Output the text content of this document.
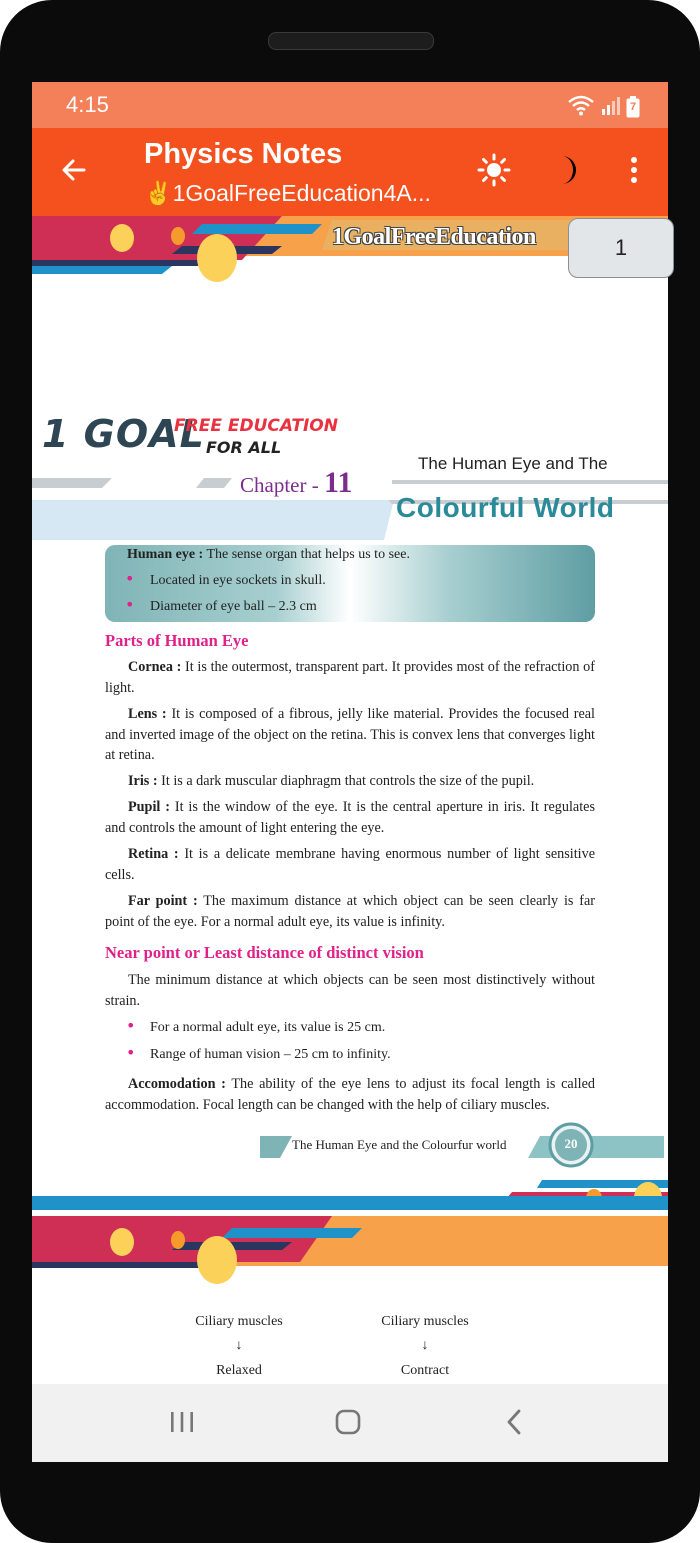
4:15	7
Physics Notes
✌1GoalFreeEducation4A...
1GoalFreeEducation	1
1 GOAL
FREE EDUCATION
FOR ALL
Chapter - 11
The Human Eye and The
Colourful World
Human eye : The sense organ that helps us to see.
• Located in eye sockets in skull.
• Diameter of eye ball – 2.3 cm
Parts of Human Eye
Cornea : It is the outermost, transparent part. It provides most of the refraction of light.
Lens : It is composed of a fibrous, jelly like material. Provides the focused real and inverted image of the object on the retina. This is convex lens that converges light at retina.
Iris : It is a dark muscular diaphragm that controls the size of the pupil.
Pupil : It is the window of the eye. It is the central aperture in iris. It regulates and controls the amount of light entering the eye.
Retina : It is a delicate membrane having enormous number of light sensitive cells.
Far point : The maximum distance at which object can be seen clearly is far point of the eye. For a normal adult eye, its value is infinity.
Near point or Least distance of distinct vision
The minimum distance at which objects can be seen most distinctively without strain.
• For a normal adult eye, its value is 25 cm.
• Range of human vision – 25 cm to infinity.
Accomodation : The ability of the eye lens to adjust its focal length is called accommodation. Focal length can be changed with the help of ciliary muscles.
The Human Eye and the Colourfur world	20
Ciliary muscles
↓
Relaxed
Ciliary muscles
↓
Contract
